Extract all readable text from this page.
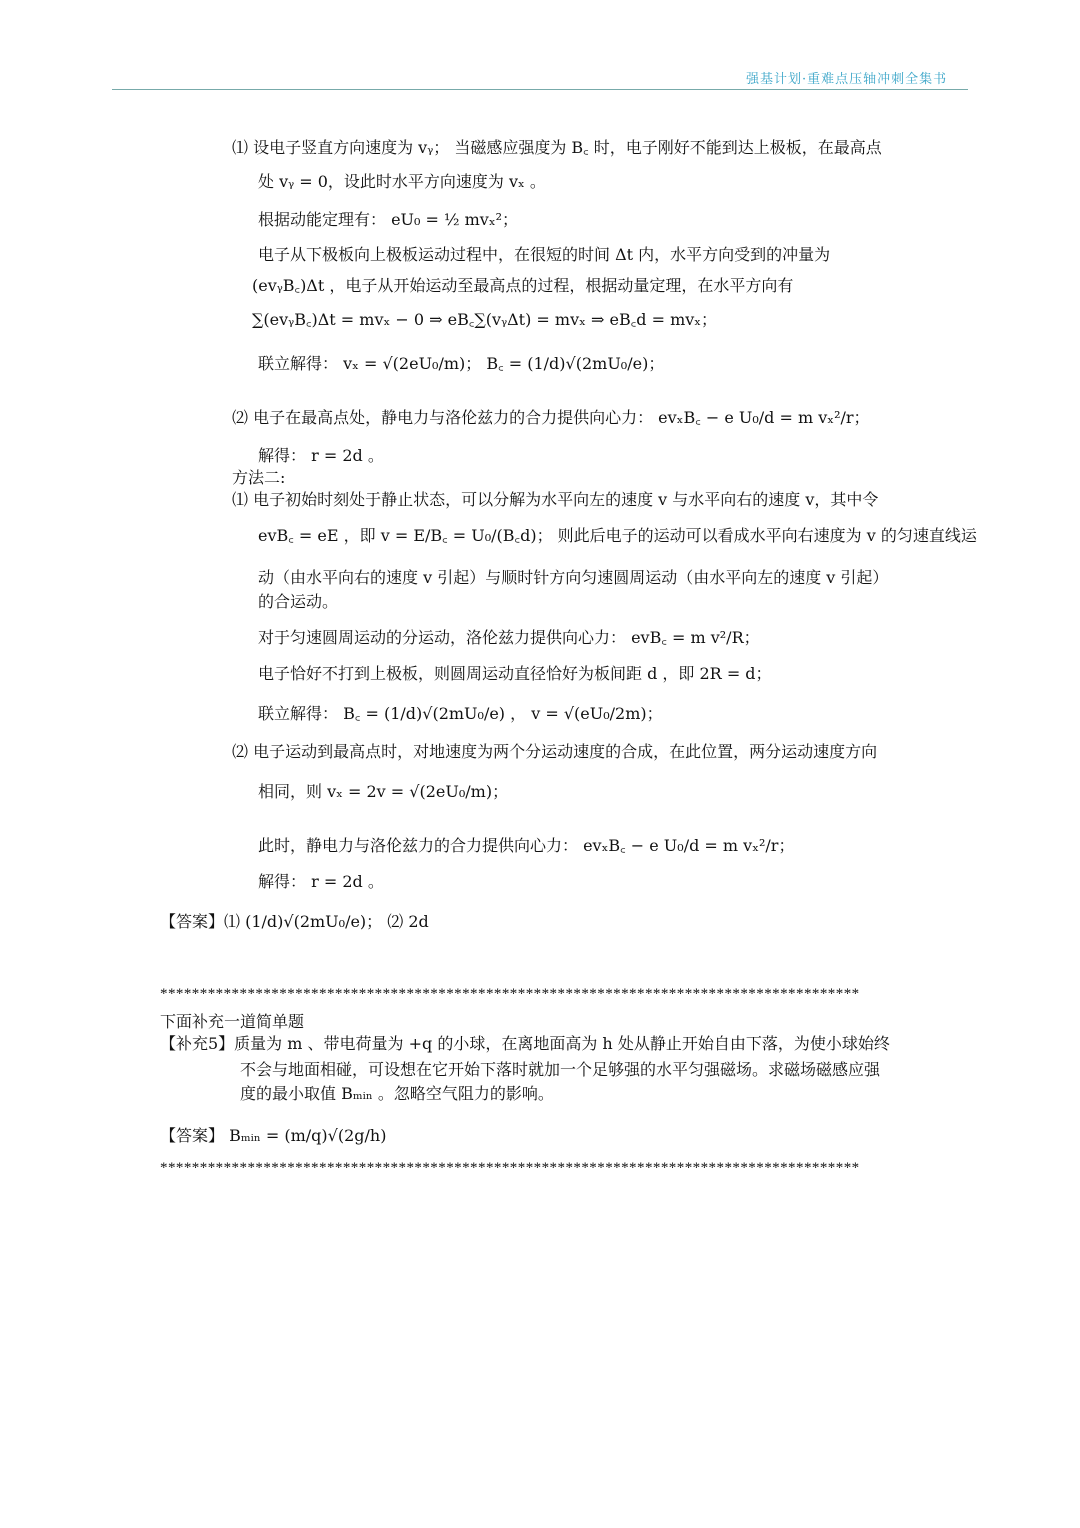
强基计划·重难点压轴冲刺全集书
⑴ 设电子竖直方向速度为 vᵧ； 当磁感应强度为 B꜀ 时，电子刚好不能到达上极板，在最高点
处 vᵧ = 0，设此时水平方向速度为 vₓ 。
根据动能定理有： eU₀ = ½ mvₓ²；
电子从下极板向上极板运动过程中，在很短的时间 Δt 内，水平方向受到的冲量为
(evᵧB꜀)Δt ，电子从开始运动至最高点的过程，根据动量定理，在水平方向有
∑(evᵧB꜀)Δt = mvₓ − 0 ⇒ eB꜀∑(vᵧΔt) = mvₓ ⇒ eB꜀d = mvₓ；
联立解得： vₓ = √(2eU₀/m)； B꜀ = (1/d)√(2mU₀/e)；
⑵ 电子在最高点处，静电力与洛伦兹力的合力提供向心力： evₓB꜀ − e U₀/d = m vₓ²/r；
解得： r = 2d 。
方法二:
⑴ 电子初始时刻处于静止状态，可以分解为水平向左的速度 v 与水平向右的速度 v，其中令
evB꜀ = eE ，即 v = E/B꜀ = U₀/(B꜀d)； 则此后电子的运动可以看成水平向右速度为 v 的匀速直线运
动（由水平向右的速度 v 引起）与顺时针方向匀速圆周运动（由水平向左的速度 v 引起）
的合运动。
对于匀速圆周运动的分运动，洛伦兹力提供向心力： evB꜀ = m v²/R；
电子恰好不打到上极板，则圆周运动直径恰好为板间距 d ，即 2R = d；
联立解得： B꜀ = (1/d)√(2mU₀/e) ， v = √(eU₀/2m)；
⑵ 电子运动到最高点时，对地速度为两个分运动速度的合成，在此位置，两分运动速度方向
相同，则 vₓ = 2v = √(2eU₀/m)；
此时，静电力与洛伦兹力的合力提供向心力： evₓB꜀ − e U₀/d = m vₓ²/r；
解得： r = 2d 。
【答案】⑴ (1/d)√(2mU₀/e)； ⑵ 2d
下面补充一道简单题
【补充5】质量为 m 、带电荷量为 +q 的小球，在离地面高为 h 处从静止开始自由下落，为使小球始终
不会与地面相碰，可设想在它开始下落时就加一个足够强的水平匀强磁场。求磁场磁感应强
度的最小取值 Bₘᵢₙ 。忽略空气阻力的影响。
【答案】 Bₘᵢₙ = (m/q)√(2g/h)
****************************************************************************************
****************************************************************************************
